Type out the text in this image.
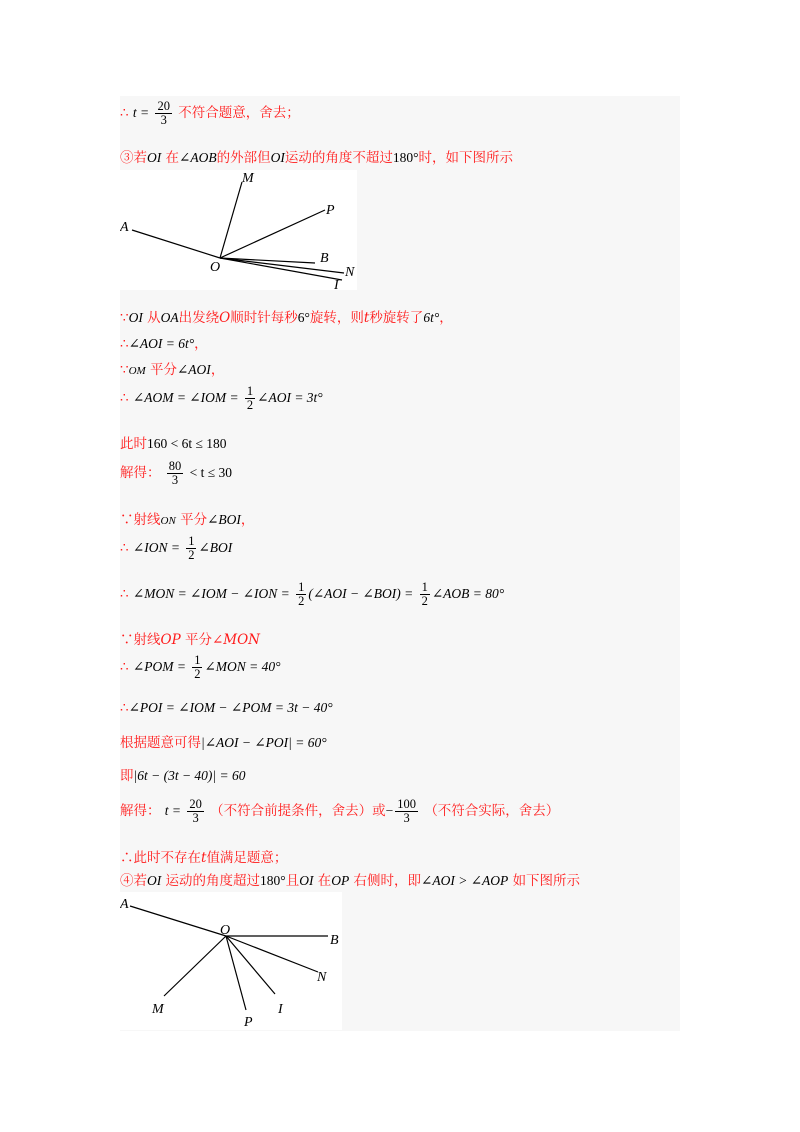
∴ $t = \frac{20}{3}$ 不符合题意，舍去；
③若OI 在∠AOB的外部但OI运动的角度不超过180°时，如下图所示
M
P
A
O
B
N
I
∵OI 从OA出发绕O顺时针每秒6°旋转，则t秒旋转了6t°，
∴∠AOI = 6t°，
∵OM 平分∠AOI，
∴ ∠AOM = ∠IOM = $\frac{1}{2}$ ∠AOI = 3t°
此时160 < 6t ≤ 180
解得： $\frac{80}{3} < t \le 30$
∵射线ON 平分∠BOI，
∴ ∠ION = $\frac{1}{2}$ ∠BOI
∴ ∠MON = ∠IOM − ∠ION = $\frac{1}{2}$ (∠AOI − ∠BOI) = $\frac{1}{2}$ ∠AOB = 80°
∵射线OP 平分∠MON
∴ ∠POM = $\frac{1}{2}$ ∠MON = 40°
∴∠POI = ∠IOM − ∠POM = 3t − 40°
根据题意可得|∠AOI − ∠POI| = 60°
即|6t − (3t − 40)| = 60
解得： $t = \frac{20}{3}$ （不符合前提条件，舍去）或− $\frac{100}{3}$ （不符合实际，舍去）
∴此时不存在t值满足题意；
④若OI 运动的角度超过180°且OI 在OP 右侧时，即∠AOI > ∠AOP 如下图所示
A
O
B
N
M
P
I
